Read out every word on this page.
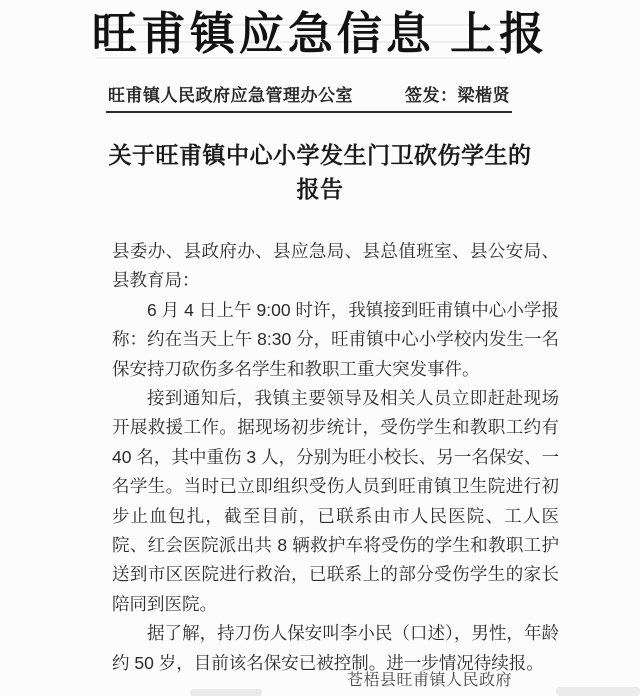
旺甫镇应急信息 上报
旺甫镇人民政府应急管理办公室	签发：梁楷贤
关于旺甫镇中心小学发生门卫砍伤学生的
报告

县委办、县政府办、县应急局、县总值班室、县公安局、县教育局：

6 月 4 日上午 9:00 时许，我镇接到旺甫镇中心小学报称：约在当天上午 8:30 分，旺甫镇中心小学校内发生一名保安持刀砍伤多名学生和教职工重大突发事件。

接到通知后，我镇主要领导及相关人员立即赶赴现场开展救援工作。据现场初步统计，受伤学生和教职工约有 40 名，其中重伤 3 人，分别为旺小校长、另一名保安、一名学生。当时已立即组织受伤人员到旺甫镇卫生院进行初步止血包扎，截至目前，已联系由市人民医院、工人医院、红会医院派出共 8 辆救护车将受伤的学生和教职工护送到市区医院进行救治，已联系上的部分受伤学生的家长陪同到医院。

据了解，持刀伤人保安叫李小民（口述），男性，年龄约 50 岁，目前该名保安已被控制。进一步情况待续报。

苍梧县旺甫镇人民政府
